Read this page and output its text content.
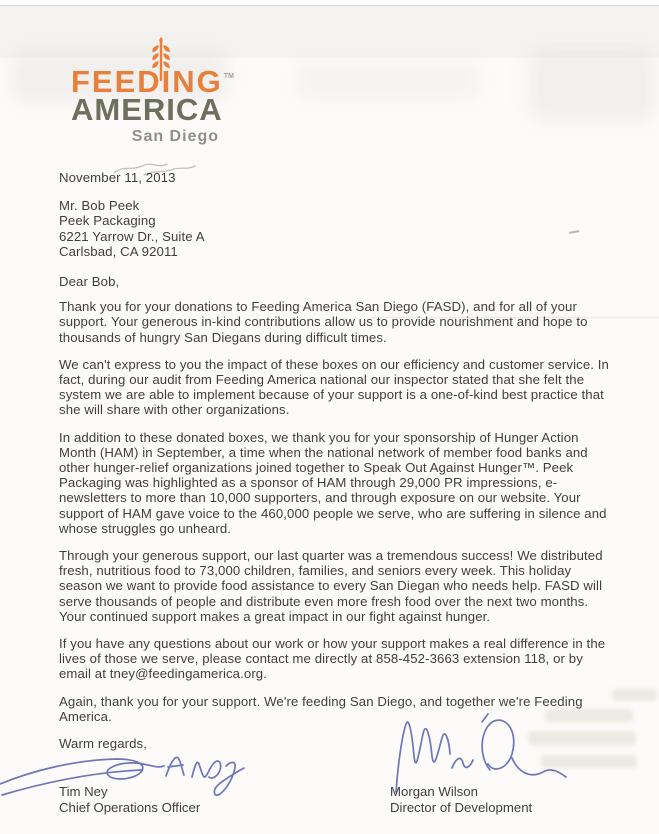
FEEDING™
AMERICA
San Diego

November 11, 2013

Mr. Bob Peek

Peek Packaging

6221 Yarrow Dr., Suite A

Carlsbad, CA 92011

Dear Bob,

Thank you for your donations to Feeding America San Diego (FASD), and for all of your support. Your generous in-kind contributions allow us to provide nourishment and hope to thousands of hungry San Diegans during difficult times.

We can't express to you the impact of these boxes on our efficiency and customer service. In fact, during our audit from Feeding America national our inspector stated that she felt the system we are able to implement because of your support is a one-of-kind best practice that she will share with other organizations.

In addition to these donated boxes, we thank you for your sponsorship of Hunger Action Month (HAM) in September, a time when the national network of member food banks and other hunger-relief organizations joined together to Speak Out Against Hunger™. Peek Packaging was highlighted as a sponsor of HAM through 29,000 PR impressions, e-newsletters to more than 10,000 supporters, and through exposure on our website. Your support of HAM gave voice to the 460,000 people we serve, who are suffering in silence and whose struggles go unheard.

Through your generous support, our last quarter was a tremendous success! We distributed fresh, nutritious food to 73,000 children, families, and seniors every week. This holiday season we want to provide food assistance to every San Diegan who needs help. FASD will serve thousands of people and distribute even more fresh food over the next two months. Your continued support makes a great impact in our fight against hunger.

If you have any questions about our work or how your support makes a real difference in the lives of those we serve, please contact me directly at 858-452-3663 extension 118, or by email at tney@feedingamerica.org.

Again, thank you for your support. We're feeding San Diego, and together we're Feeding America.

Warm regards,

Tim Ney

Chief Operations Officer

Morgan Wilson

Director of Development
